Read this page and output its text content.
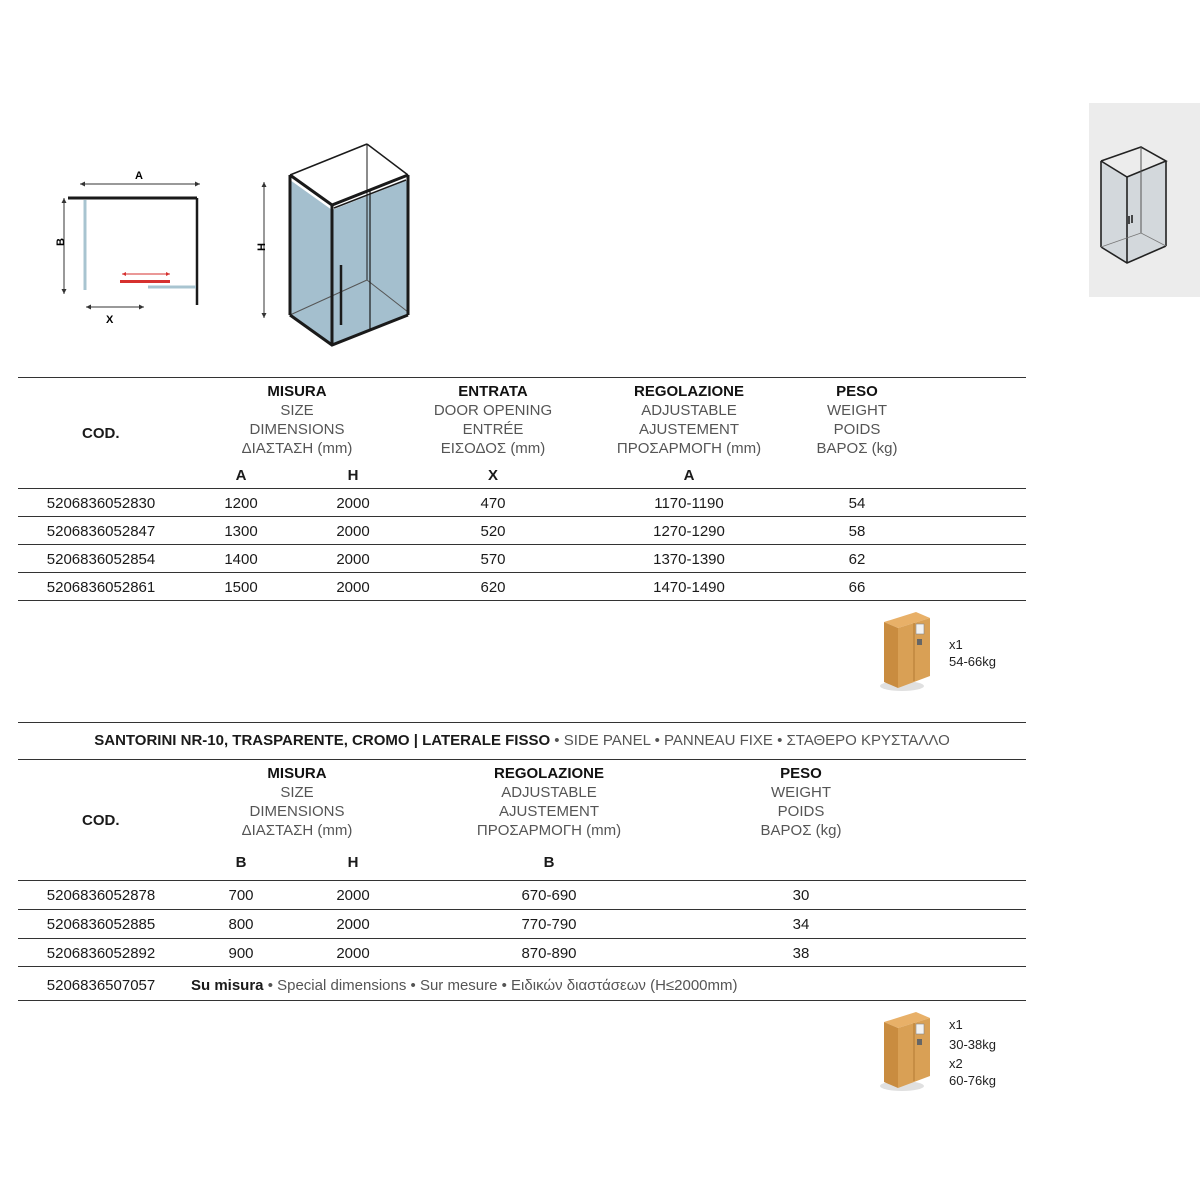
A
B
X
H
COD.
MISURA
SIZE
DIMENSIONS
ΔΙΑΣΤΑΣΗ (mm)
ENTRATA
DOOR OPENING
ENTRÉE
ΕΙΣΟΔΟΣ (mm)
REGOLAZIONE
ADJUSTABLE
AJUSTEMENT
ΠΡΟΣΑΡΜΟΓΗ (mm)
PESO
WEIGHT
POIDS
ΒΑΡΟΣ (kg)
A	H	X	A
5206836052830	1200	2000	470	1170-1190	54
5206836052847	1300	2000	520	1270-1290	58
5206836052854	1400	2000	570	1370-1390	62
5206836052861	1500	2000	620	1470-1490	66
x1
54-66kg
SANTORINI NR-10, TRASPARENTE, CROMO | LATERALE FISSO • SIDE PANEL • PANNEAU FIXE • ΣΤΑΘΕΡΟ ΚΡΥΣΤΑΛΛΟ
COD.
MISURA
SIZE
DIMENSIONS
ΔΙΑΣΤΑΣΗ (mm)
REGOLAZIONE
ADJUSTABLE
AJUSTEMENT
ΠΡΟΣΑΡΜΟΓΗ (mm)
PESO
WEIGHT
POIDS
ΒΑΡΟΣ (kg)
B	H	B
5206836052878	700	2000	670-690	30
5206836052885	800	2000	770-790	34
5206836052892	900	2000	870-890	38
5206836507057	Su misura • Special dimensions • Sur mesure • Ειδικών διαστάσεων (H≤2000mm)
x1
30-38kg
x2
60-76kg
